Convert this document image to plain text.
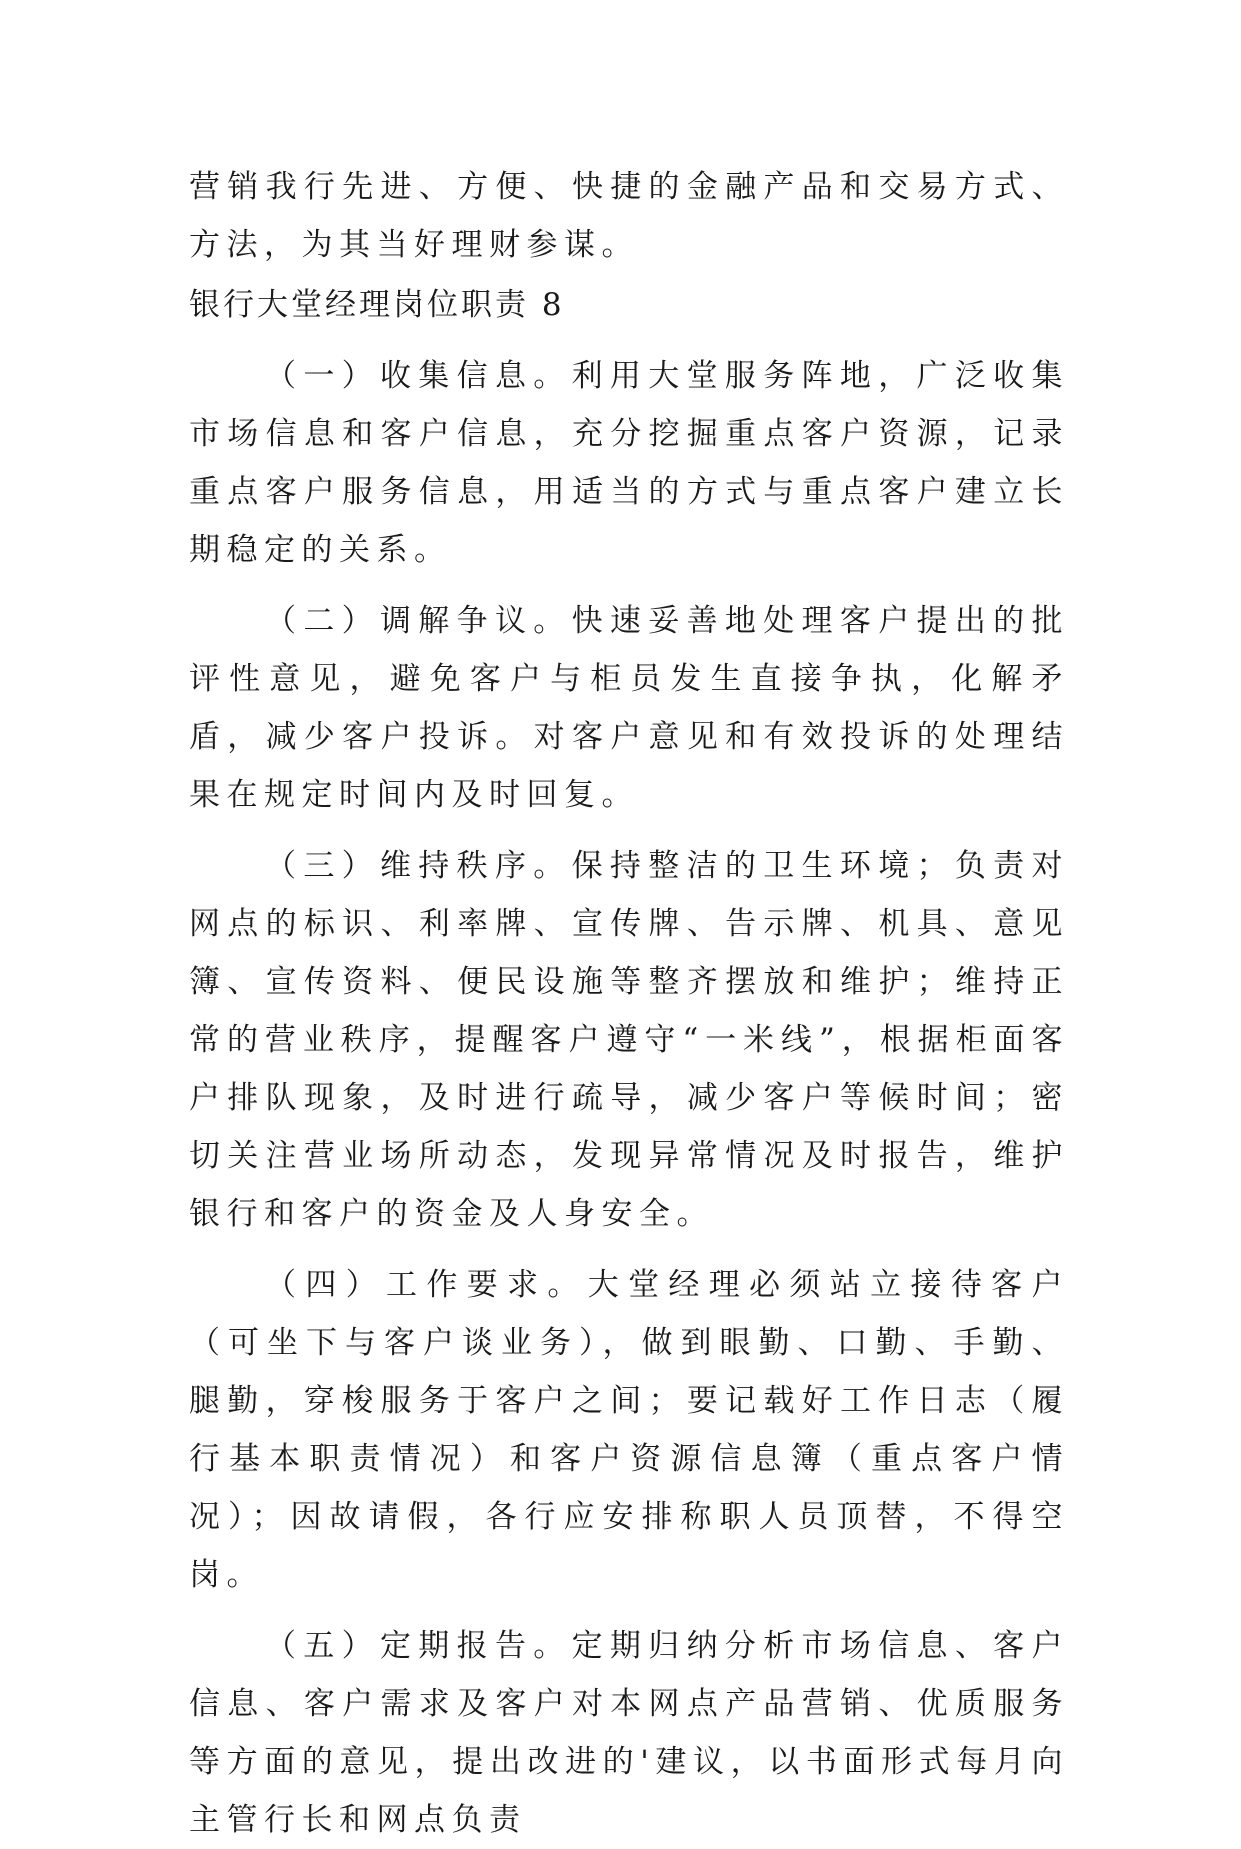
营销我行先进、方便、快捷的金融产品和交易方式、方法，为其当好理财参谋。

银行大堂经理岗位职责 8

（一）收集信息。利用大堂服务阵地，广泛收集市场信息和客户信息，充分挖掘重点客户资源，记录重点客户服务信息，用适当的方式与重点客户建立长期稳定的关系。

（二）调解争议。快速妥善地处理客户提出的批评性意见，避免客户与柜员发生直接争执，化解矛盾，减少客户投诉。对客户意见和有效投诉的处理结果在规定时间内及时回复。

（三）维持秩序。保持整洁的卫生环境；负责对网点的标识、利率牌、宣传牌、告示牌、机具、意见簿、宣传资料、便民设施等整齐摆放和维护；维持正常的营业秩序，提醒客户遵守“一米线”，根据柜面客户排队现象，及时进行疏导，减少客户等候时间；密切关注营业场所动态，发现异常情况及时报告，维护银行和客户的资金及人身安全。

（四）工作要求。大堂经理必须站立接待客户（可坐下与客户谈业务），做到眼勤、口勤、手勤、腿勤，穿梭服务于客户之间；要记载好工作日志（履行基本职责情况）和客户资源信息簿（重点客户情况）；因故请假，各行应安排称职人员顶替，不得空岗。

（五）定期报告。定期归纳分析市场信息、客户信息、客户需求及客户对本网点产品营销、优质服务等方面的意见，提出改进的'建议，以书面形式每月向主管行长和网点负责
